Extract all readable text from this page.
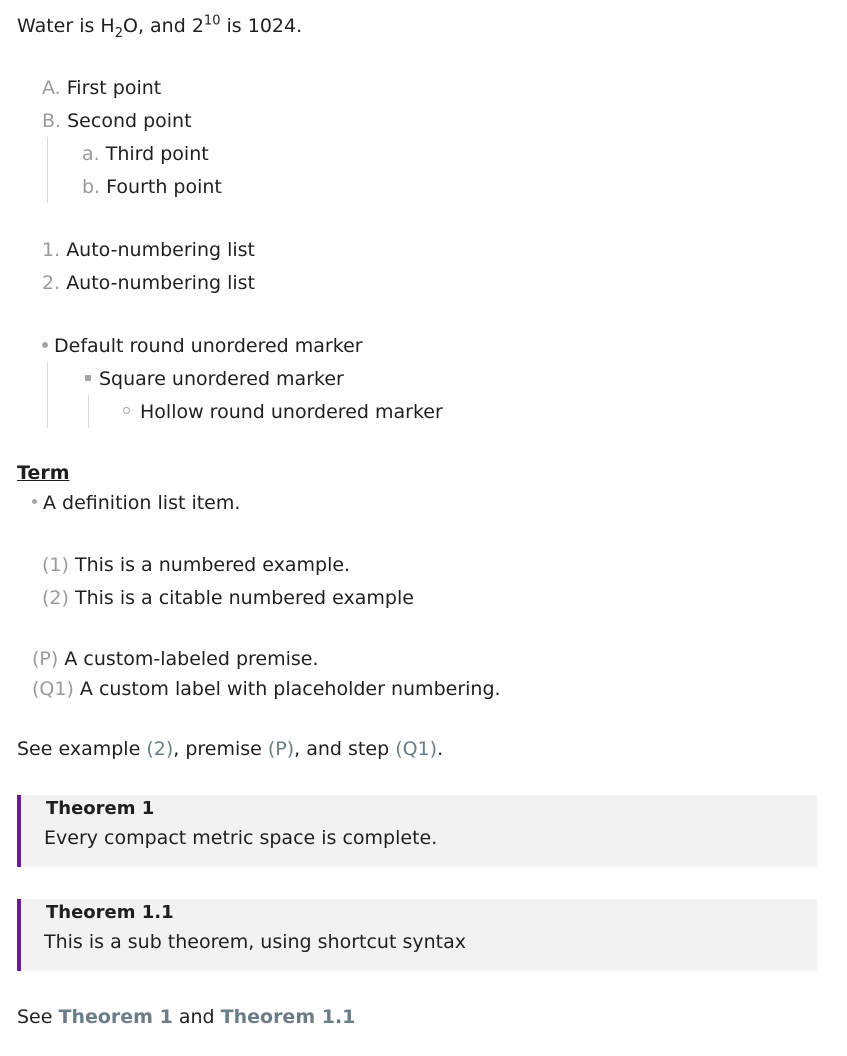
Water is $H_2O$, and $2^{10}$ is 1024.
A. First point
B. Second point
a. Third point
b. Fourth point
1. Auto-numbering list
2. Auto-numbering list
Default round unordered marker
Square unordered marker
Hollow round unordered marker
Term
A definition list item.
(1) This is a numbered example.
(2) This is a citable numbered example
(P) A custom-labeled premise.
(Q1) A custom label with placeholder numbering.
See example (2), premise (P), and step (Q1).
Theorem 1
Every compact metric space is complete.
Theorem 1.1
This is a sub theorem, using shortcut syntax
See Theorem 1 and Theorem 1.1
